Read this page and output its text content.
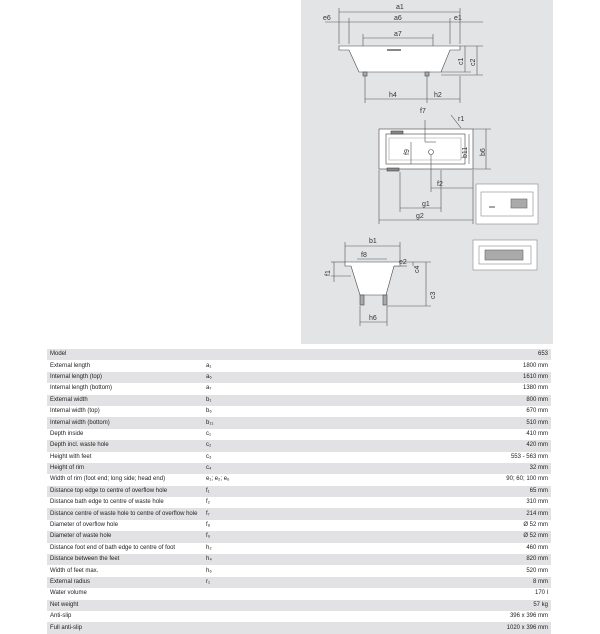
a1
e6	a6	e1
a7
c1 c2
h4	h2
f7
r1
f9	b11 b6
f2
g1
g2
b1
f8
e2
c4
f1
c3
h6
Model		653
External length	a₁	1800 mm
Internal length (top)	a₆	1610 mm
Internal length (bottom)	a₇	1380 mm
External width	b₁	800 mm
Internal width (top)	b₆	670 mm
Internal width (bottom)	b₁₁	510 mm
Depth inside	c₁	410 mm
Depth incl. waste hole	c₂	420 mm
Height with feet	c₃	553 - 563 mm
Height of rim	c₄	32 mm
Width of rim (foot end; long side; head end)	e₁; e₂; e₆	90; 60; 100 mm
Distance top edge to centre of overflow hole	f₁	65 mm
Distance bath edge to centre of waste hole	f₂	310 mm
Distance centre of waste hole to centre of overflow hole	f₇	214 mm
Diameter of overflow hole	f₈	Ø 52 mm
Diameter of waste hole	f₉	Ø 52 mm
Distance foot end of bath edge to centre of foot	h₂	460 mm
Distance between the feet	h₄	820 mm
Width of feet max.	h₆	520 mm
External radius	r₁	8 mm
Water volume		170 l
Net weight		57 kg
Anti-slip		396 x 396 mm
Full anti-slip		1020 x 396 mm
